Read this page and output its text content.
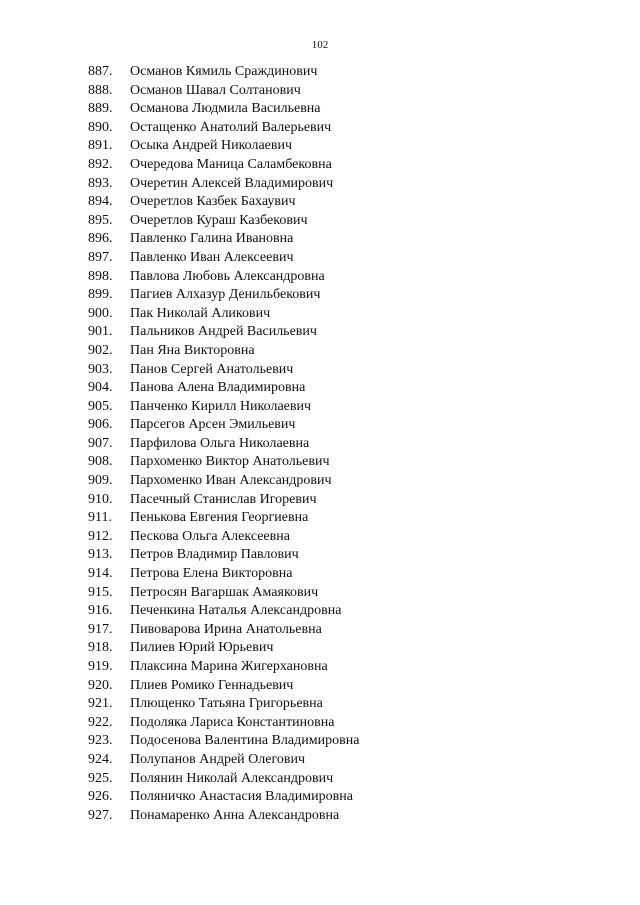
102
887. Османов Кямиль Сраждинович
888. Османов Шавал Солтанович
889. Османова Людмила Васильевна
890. Остащенко Анатолий Валерьевич
891. Осыка Андрей Николаевич
892. Очередова Маница Саламбековна
893. Очеретин Алексей Владимирович
894. Очеретлов Казбек Бахаувич
895. Очеретлов Кураш Казбекович
896. Павленко Галина Ивановна
897. Павленко Иван Алексеевич
898. Павлова Любовь Александровна
899. Пагиев Алхазур Денильбекович
900. Пак Николай Аликович
901. Пальников Андрей Васильевич
902. Пан Яна Викторовна
903. Панов Сергей Анатольевич
904. Панова Алена Владимировна
905. Панченко Кирилл Николаевич
906. Парсегов Арсен Эмильевич
907. Парфилова Ольга Николаевна
908. Пархоменко Виктор Анатольевич
909. Пархоменко Иван Александрович
910. Пасечный Станислав Игоревич
911. Пенькова Евгения Георгиевна
912. Пескова Ольга Алексеевна
913. Петров Владимир Павлович
914. Петрова Елена Викторовна
915. Петросян Вагаршак Амаякович
916. Печенкина Наталья Александровна
917. Пивоварова Ирина Анатольевна
918. Пилиев Юрий Юрьевич
919. Плаксина Марина Жигерхановна
920. Плиев Ромико Геннадьевич
921. Плющенко Татьяна Григорьевна
922. Подоляка Лариса Константиновна
923. Подосенова Валентина Владимировна
924. Полупанов Андрей Олегович
925. Полянин Николай Александрович
926. Поляничко Анастасия Владимировна
927. Понамаренко Анна Александровна
